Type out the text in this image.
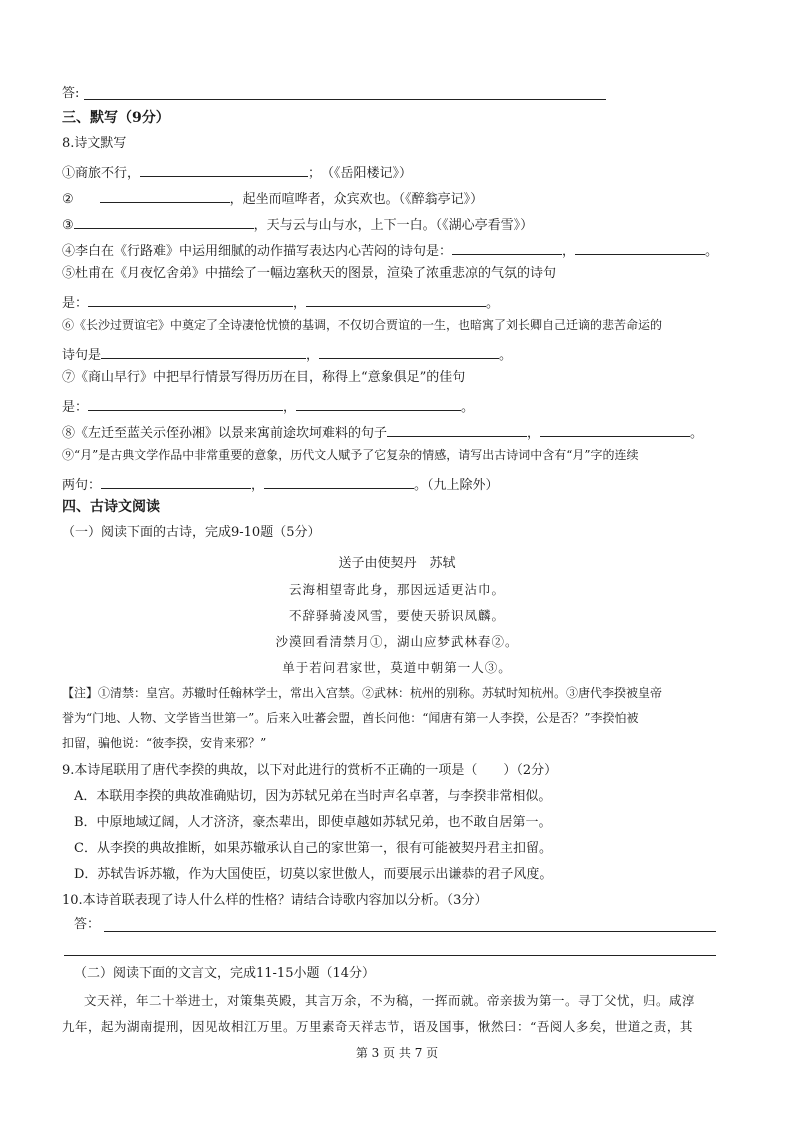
答:
三、默写（9分）
8.诗文默写
①商旅不行，	；（《岳阳楼记》）
②	，起坐而喧哗者，众宾欢也。（《醉翁亭记》）
③	，天与云与山与水，上下一白。（《湖心亭看雪》）
④李白在《行路难》中运用细腻的动作描写表达内心苦闷的诗句是：	，	。
⑤杜甫在《月夜忆舍弟》中描绘了一幅边塞秋天的图景，渲染了浓重悲凉的气氛的诗句
是：	，	。
⑥《长沙过贾谊宅》中奠定了全诗凄怆忧愤的基调，不仅切合贾谊的一生，也暗寓了刘长卿自己迁谪的悲苦命运的
诗句是	，	。
⑦《商山早行》中把早行情景写得历历在目，称得上“意象俱足”的佳句
是：	，	。
⑧《左迁至蓝关示侄孙湘》以景来寓前途坎坷难料的句子	，	。
⑨“月”是古典文学作品中非常重要的意象，历代文人赋予了它复杂的情感，请写出古诗词中含有“月”字的连续
两句：	，	。（九上除外）
四、古诗文阅读
（一）阅读下面的古诗，完成9-10题（5分）
送子由使契丹　苏轼
云海相望寄此身，那因远适更沾巾。
不辞驿骑凌风雪，要使天骄识凤麟。
沙漠回看清禁月①，湖山应梦武林春②。
单于若问君家世，莫道中朝第一人③。
【注】①清禁：皇宫。苏辙时任翰林学士，常出入宫禁。②武林：杭州的别称。苏轼时知杭州。③唐代李揆被皇帝
誉为“门地、人物、文学皆当世第一”。后来入吐蕃会盟，酋长问他：“闻唐有第一人李揆，公是否？”李揆怕被
扣留，骗他说：“彼李揆，安肯来邪？”
9.本诗尾联用了唐代李揆的典故，以下对此进行的赏析不正确的一项是（　　）（2分）
A．本联用李揆的典故准确贴切，因为苏轼兄弟在当时声名卓著，与李揆非常相似。
B．中原地域辽阔，人才济济，豪杰辈出，即使卓越如苏轼兄弟，也不敢自居第一。
C．从李揆的典故推断，如果苏辙承认自己的家世第一，很有可能被契丹君主扣留。
D．苏轼告诉苏辙，作为大国使臣，切莫以家世傲人，而要展示出谦恭的君子风度。
10.本诗首联表现了诗人什么样的性格？请结合诗歌内容加以分析。（3分）
答：
（二）阅读下面的文言文，完成11-15小题（14分）
文天祥，年二十举进士，对策集英殿，其言万余，不为稿，一挥而就。帝亲拔为第一。寻丁父忧，归。咸淳
九年，起为湖南提刑，因见故相江万里。万里素奇天祥志节，语及国事，愀然曰：“吾阅人多矣，世道之责，其
第 3 页 共 7 页
